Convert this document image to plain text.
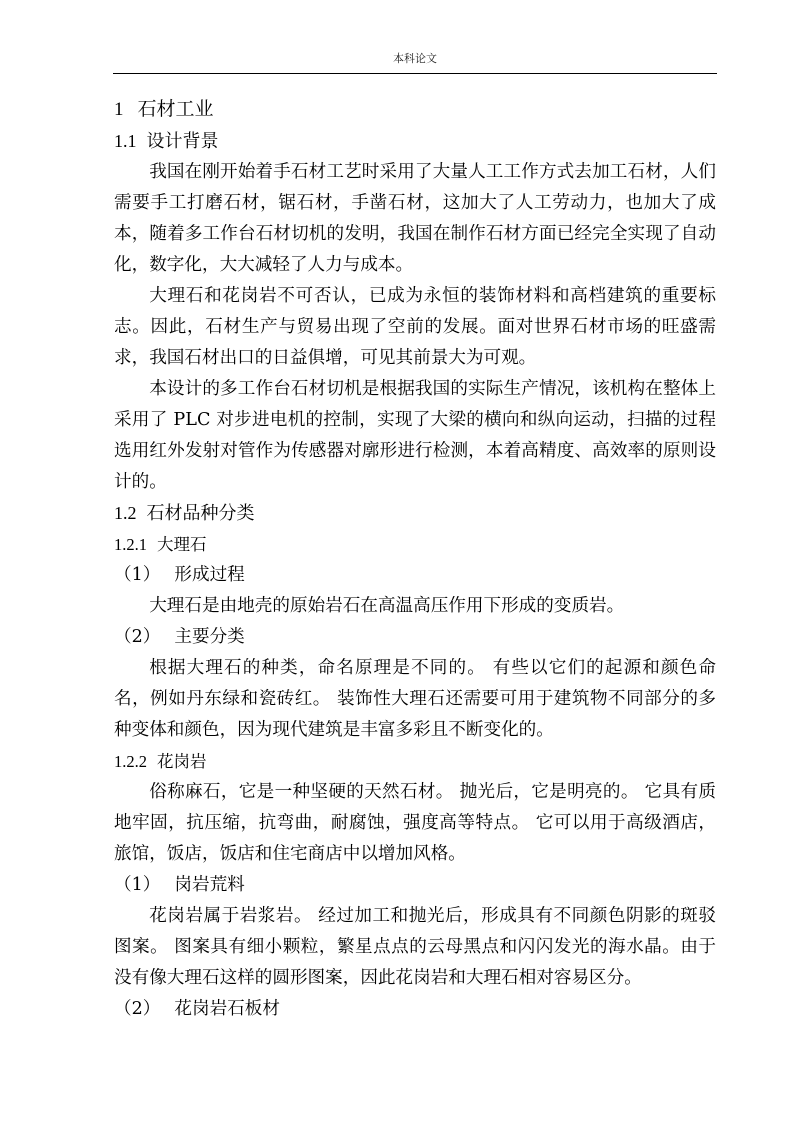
本科论文
1 石材工业
1.1 设计背景

我国在刚开始着手石材工艺时采用了大量人工工作方式去加工石材，人们需要手工打磨石材，锯石材，手凿石材，这加大了人工劳动力，也加大了成本，随着多工作台石材切机的发明，我国在制作石材方面已经完全实现了自动化，数字化，大大减轻了人力与成本。

大理石和花岗岩不可否认，已成为永恒的装饰材料和高档建筑的重要标志。因此，石材生产与贸易出现了空前的发展。面对世界石材市场的旺盛需求，我国石材出口的日益俱增，可见其前景大为可观。

本设计的多工作台石材切机是根据我国的实际生产情况，该机构在整体上采用了 PLC 对步进电机的控制，实现了大梁的横向和纵向运动，扫描的过程选用红外发射对管作为传感器对廓形进行检测，本着高精度、高效率的原则设计的。

1.2 石材品种分类
1.2.1 大理石

（1） 形成过程

大理石是由地壳的原始岩石在高温高压作用下形成的变质岩。

（2） 主要分类

根据大理石的种类，命名原理是不同的。 有些以它们的起源和颜色命名，例如丹东绿和瓷砖红。 装饰性大理石还需要可用于建筑物不同部分的多种变体和颜色，因为现代建筑是丰富多彩且不断变化的。

1.2.2 花岗岩

俗称麻石，它是一种坚硬的天然石材。 抛光后，它是明亮的。 它具有质地牢固，抗压缩，抗弯曲，耐腐蚀，强度高等特点。 它可以用于高级酒店，旅馆，饭店，饭店和住宅商店中以增加风格。

（1） 岗岩荒料

花岗岩属于岩浆岩。 经过加工和抛光后，形成具有不同颜色阴影的斑驳图案。 图案具有细小颗粒，繁星点点的云母黑点和闪闪发光的海水晶。由于没有像大理石这样的圆形图案，因此花岗岩和大理石相对容易区分。

（2） 花岗岩石板材
